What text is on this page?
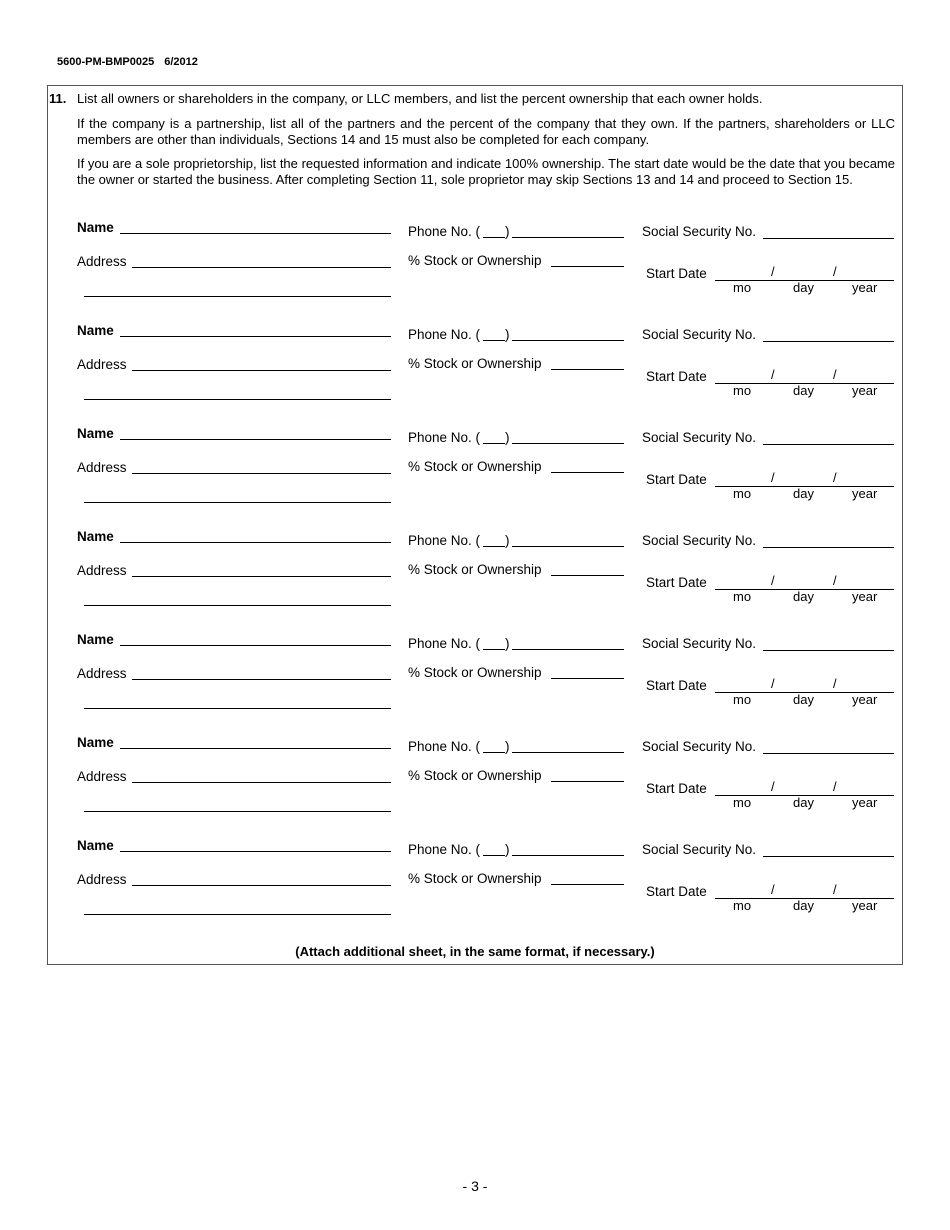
5600-PM-BMP0025 6/2012
11. List all owners or shareholders in the company, or LLC members, and list the percent ownership that each owner holds.
If the company is a partnership, list all of the partners and the percent of the company that they own. If the partners, shareholders or LLC members are other than individuals, Sections 14 and 15 must also be completed for each company.
If you are a sole proprietorship, list the requested information and indicate 100% ownership. The start date would be the date that you became the owner or started the business. After completing Section 11, sole proprietor may skip Sections 13 and 14 and proceed to Section 15.
Name
Address
Phone No. ( )
% Stock or Ownership
Social Security No.
Start Date	/	/
mo	day	year
Name
Address
Phone No. ( )
% Stock or Ownership
Social Security No.
Start Date	/	/
mo	day	year
Name
Address
Phone No. ( )
% Stock or Ownership
Social Security No.
Start Date	/	/
mo	day	year
Name
Address
Phone No. ( )
% Stock or Ownership
Social Security No.
Start Date	/	/
mo	day	year
Name
Address
Phone No. ( )
% Stock or Ownership
Social Security No.
Start Date	/	/
mo	day	year
Name
Address
Phone No. ( )
% Stock or Ownership
Social Security No.
Start Date	/	/
mo	day	year
Name
Address
Phone No. ( )
% Stock or Ownership
Social Security No.
Start Date	/	/
mo	day	year
(Attach additional sheet, in the same format, if necessary.)
- 3 -
